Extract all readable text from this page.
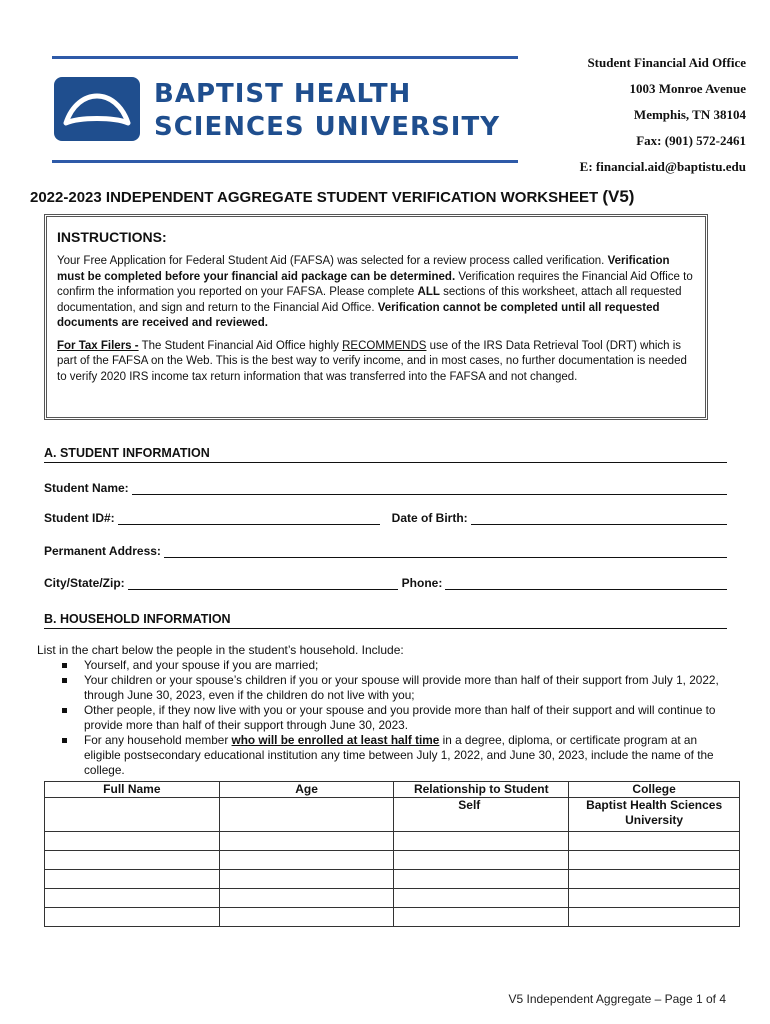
BAPTIST HEALTH
SCIENCES UNIVERSITY
Student Financial Aid Office
1003 Monroe Avenue
Memphis, TN 38104
Fax: (901) 572-2461
E: financial.aid@baptistu.edu
2022-2023 INDEPENDENT AGGREGATE STUDENT VERIFICATION WORKSHEET (V5)
INSTRUCTIONS:

Your Free Application for Federal Student Aid (FAFSA) was selected for a review process called verification. Verification must be completed before your financial aid package can be determined. Verification requires the Financial Aid Office to confirm the information you reported on your FAFSA. Please complete ALL sections of this worksheet, attach all requested documentation, and sign and return to the Financial Aid Office. Verification cannot be completed until all requested documents are received and reviewed.

For Tax Filers - The Student Financial Aid Office highly RECOMMENDS use of the IRS Data Retrieval Tool (DRT) which is part of the FAFSA on the Web. This is the best way to verify income, and in most cases, no further documentation is needed to verify 2020 IRS income tax return information that was transferred into the FAFSA and not changed.

A. STUDENT INFORMATION
Student Name:
Student ID#:	Date of Birth:
Permanent Address:
City/State/Zip:	Phone:
B. HOUSEHOLD INFORMATION
List in the chart below the people in the student’s household. Include:
Yourself, and your spouse if you are married;
Your children or your spouse’s children if you or your spouse will provide more than half of their support from July 1, 2022, through June 30, 2023, even if the children do not live with you;
Other people, if they now live with you or your spouse and you provide more than half of their support and will continue to provide more than half of their support through June 30, 2023.
For any household member who will be enrolled at least half time in a degree, diploma, or certificate program at an eligible postsecondary educational institution any time between July 1, 2022, and June 30, 2023, include the name of the college.
Full Name	Age	Relationship to Student	College
		Self	Baptist Health Sciences
University

V5 Independent Aggregate – Page 1 of 4
